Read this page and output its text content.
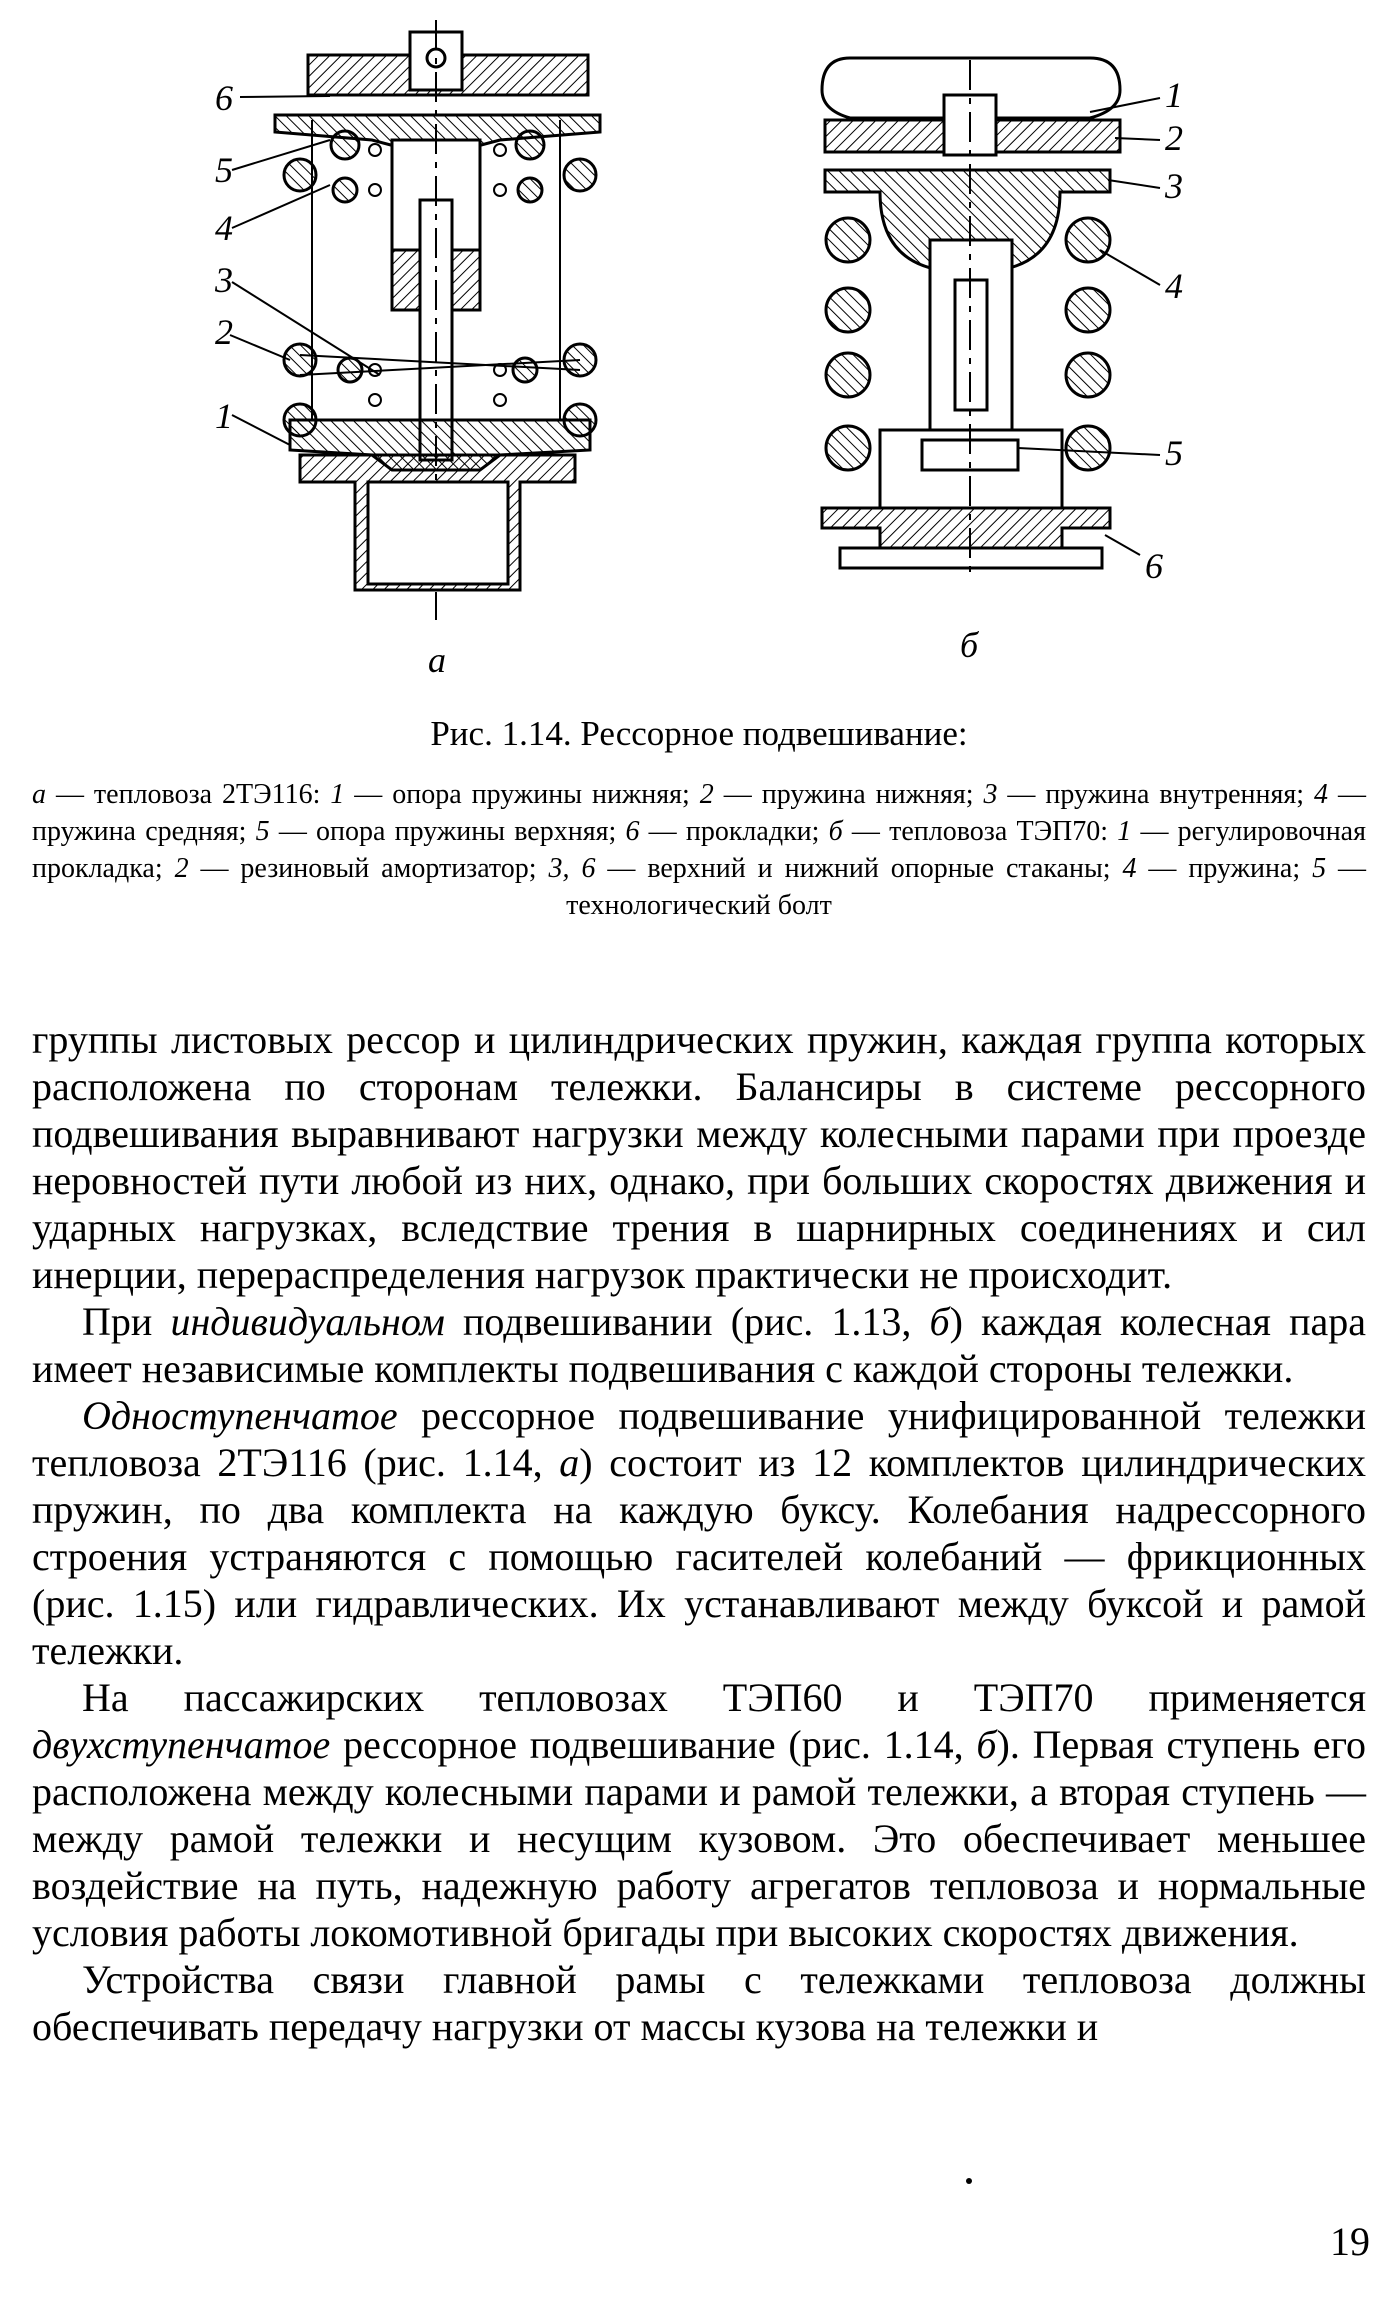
6
5
4
3
2
1
1
2
3
4
5
6
а	б
Рис. 1.14. Рессорное подвешивание:
а — тепловоза 2ТЭ116: 1 — опора пружины нижняя; 2 — пружина нижняя; 3 — пружина внутренняя; 4 — пружина средняя; 5 — опора пружины верхняя; 6 — прокладки; б — тепловоза ТЭП70: 1 — регулировочная прокладка; 2 — резиновый амортизатор; 3, 6 — верхний и нижний опорные стаканы; 4 — пружина; 5 — технологический болт

группы листовых рессор и цилиндрических пружин, каждая группа которых расположена по сторонам тележки. Балансиры в системе рессорного подвешивания выравнивают нагрузки между колесными парами при проезде неровностей пути любой из них, однако, при больших скоростях движения и ударных нагрузках, вследствие трения в шарнирных соединениях и сил инерции, перераспределения нагрузок практически не происходит.

При индивидуальном подвешивании (рис. 1.13, б) каждая колесная пара имеет независимые комплекты подвешивания с каждой стороны тележки.

Одноступенчатое рессорное подвешивание унифицированной тележки тепловоза 2ТЭ116 (рис. 1.14, а) состоит из 12 комплектов цилиндрических пружин, по два комплекта на каждую буксу. Колебания надрессорного строения устраняются с помощью гасителей колебаний — фрикционных (рис. 1.15) или гидравлических. Их устанавливают между буксой и рамой тележки.

На пассажирских тепловозах ТЭП60 и ТЭП70 применяется двухступенчатое рессорное подвешивание (рис. 1.14, б). Первая ступень его расположена между колесными парами и рамой тележки, а вторая ступень — между рамой тележки и несущим кузовом. Это обеспечивает меньшее воздействие на путь, надежную работу агрегатов тепловоза и нормальные условия работы локомотивной бригады при высоких скоростях движения.

Устройства связи главной рамы с тележками тепловоза должны обеспечивать передачу нагрузки от массы кузова на тележки и

19
